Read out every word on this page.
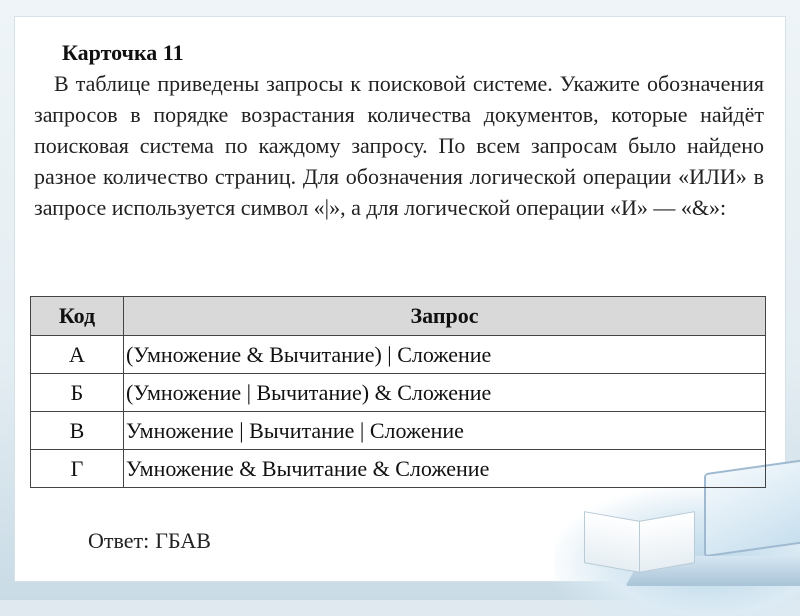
Карточка 11

В таблице приведены запросы к поисковой системе. Укажите обозначения запросов в порядке возрастания количества документов, которые найдёт поисковая система по каждому запросу. По всем запросам было найдено разное количество страниц. Для обозначения логической операции «ИЛИ» в запросе используется символ «|», а для логической операции «И» — «&»:

Код	Запрос
А	(Умножение & Вычитание) | Сложение
Б	(Умножение | Вычитание) & Сложение
В	Умножение | Вычитание | Сложение
Г	Умножение & Вычитание & Сложение

Ответ: ГБАВ
